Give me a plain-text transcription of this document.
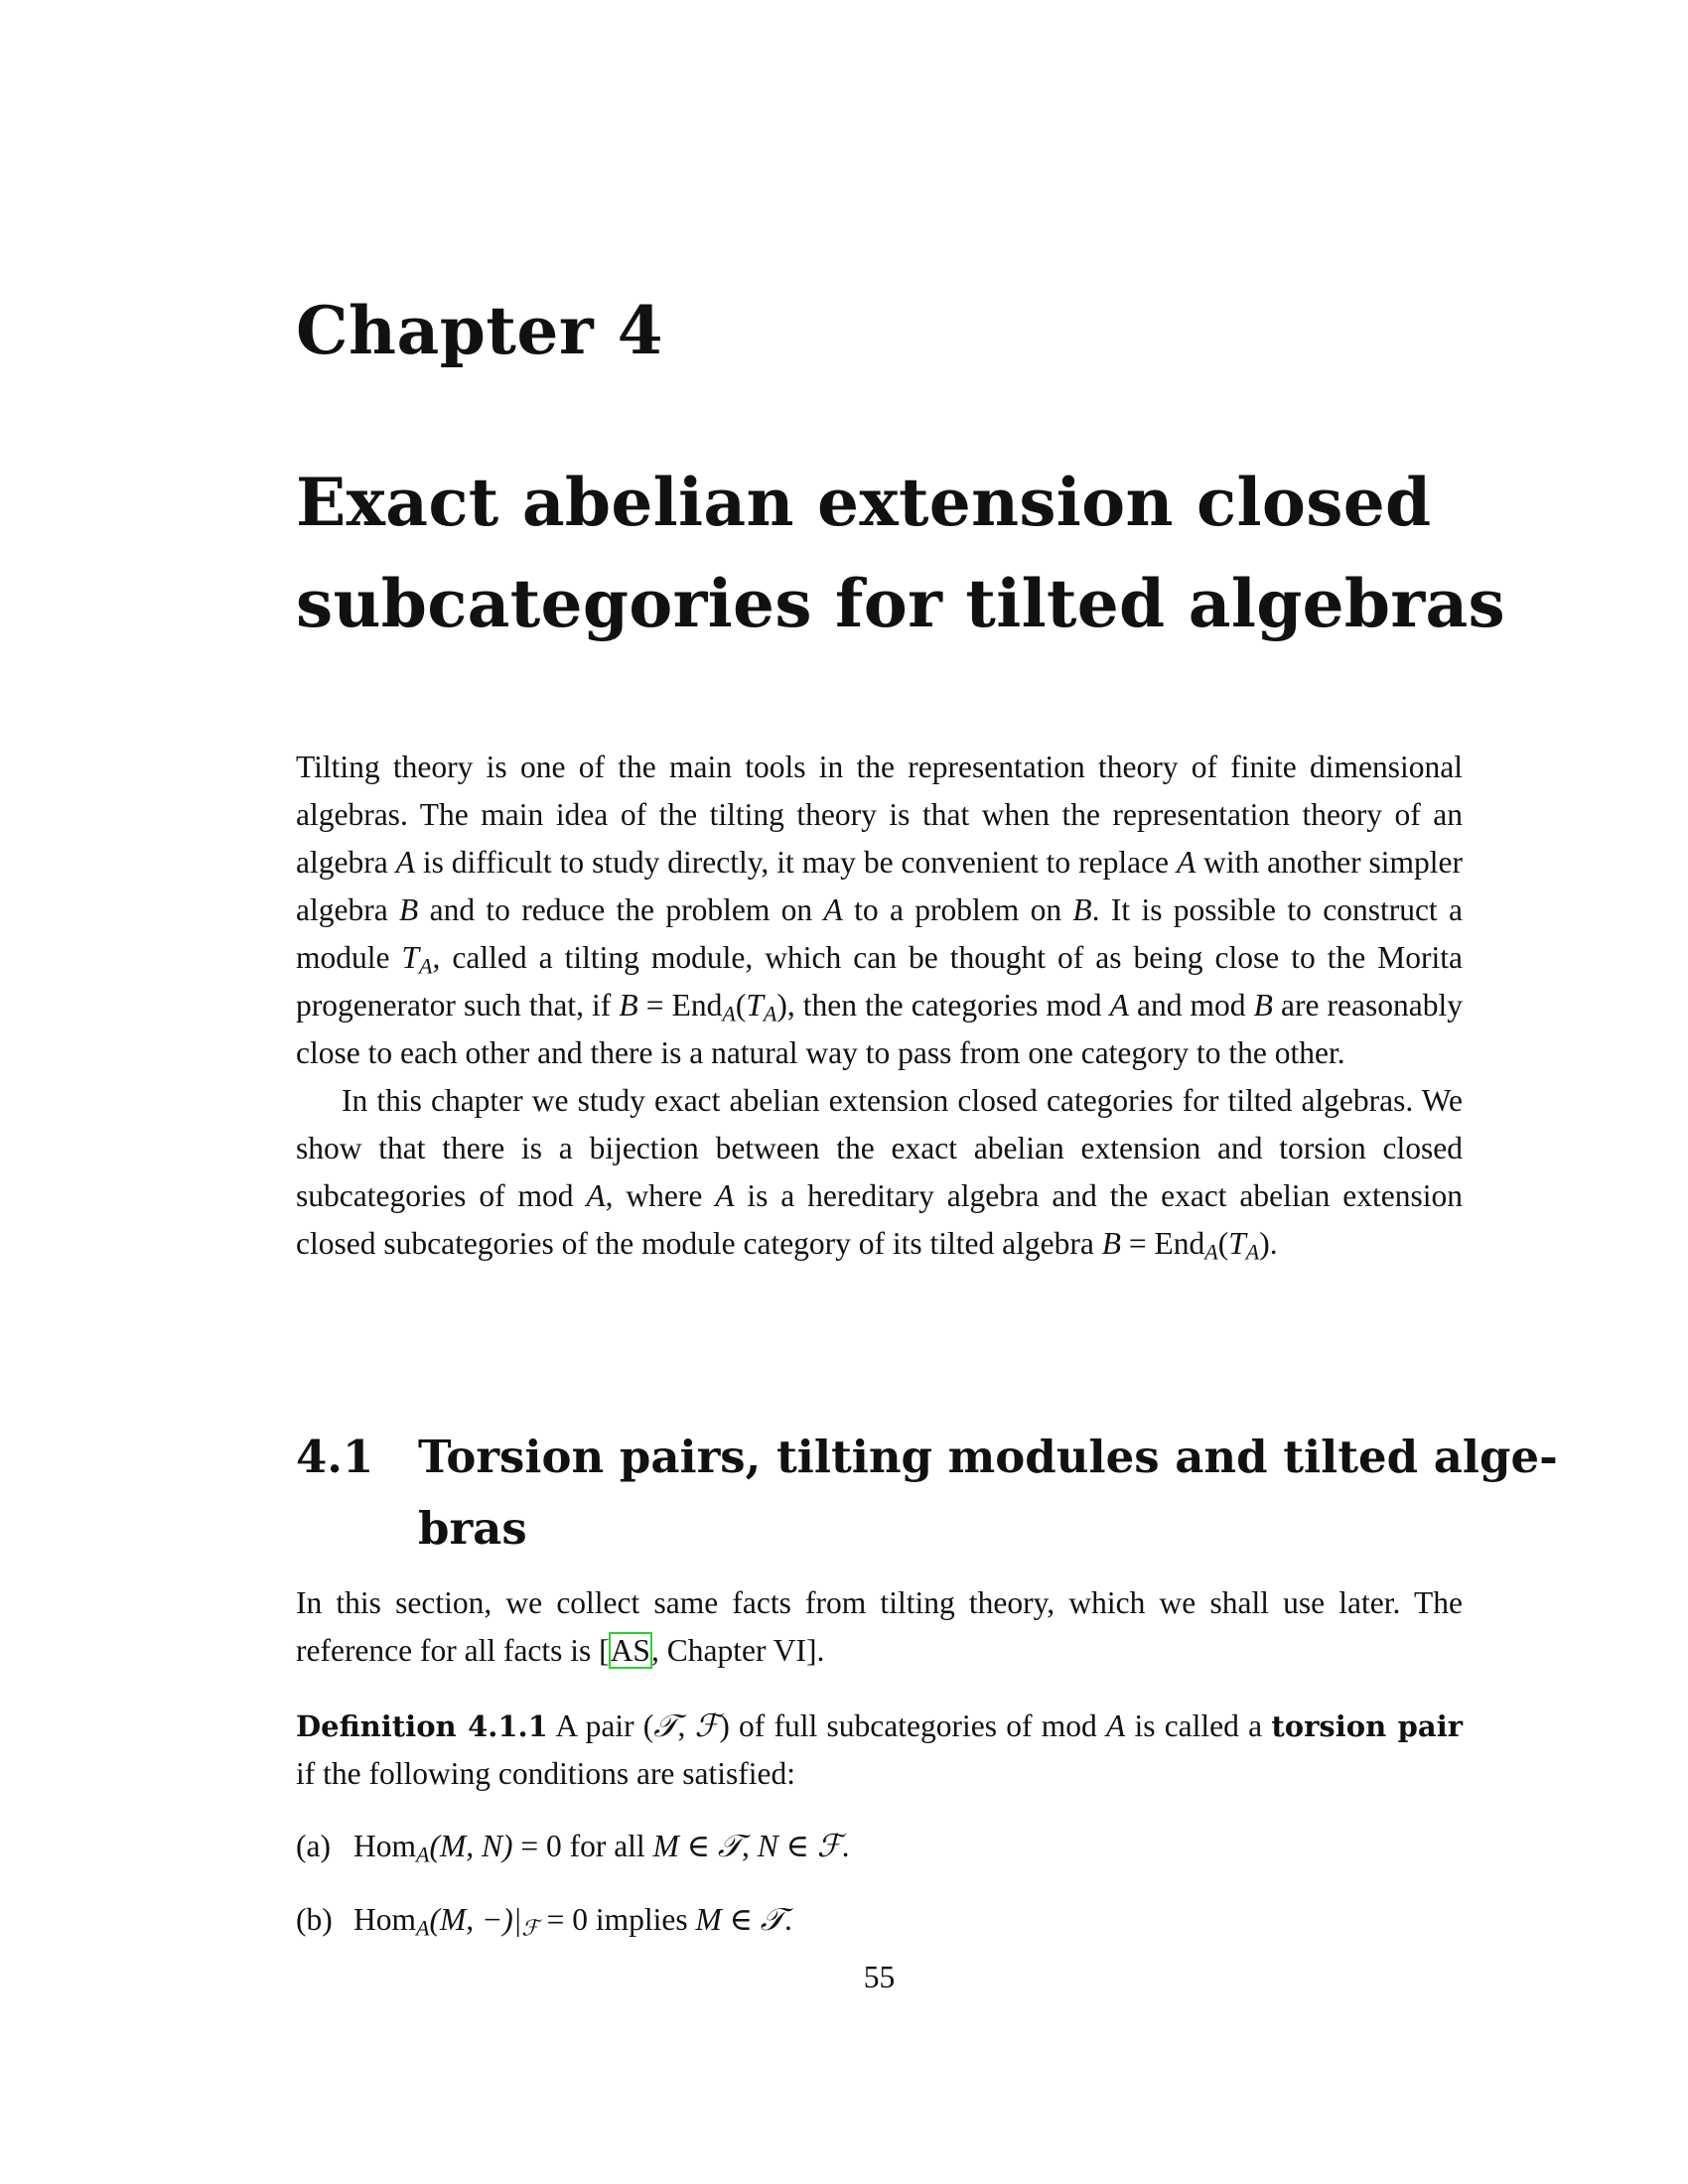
Chapter 4
Exact abelian extension closed
subcategories for tilted algebras

Tilting theory is one of the main tools in the representation theory of finite dimensional algebras. The main idea of the tilting theory is that when the representation theory of an algebra A is difficult to study directly, it may be convenient to replace A with another simpler algebra B and to reduce the problem on A to a problem on B. It is possible to construct a module $T_A$, called a tilting module, which can be thought of as being close to the Morita progenerator such that, if $B = End_A(T_A)$, then the categories mod A and mod B are reasonably close to each other and there is a natural way to pass from one category to the other.

In this chapter we study exact abelian extension closed categories for tilted algebras. We show that there is a bijection between the exact abelian extension and torsion closed subcategories of mod A, where A is a hereditary algebra and the exact abelian extension closed subcategories of the module category of its tilted algebra $B = End_A(T_A)$.

4.1 Torsion pairs, tilting modules and tilted alge-
bras

In this section, we collect same facts from tilting theory, which we shall use later. The reference for all facts is [AS, Chapter VI].

Definition 4.1.1 A pair (𝒯, ℱ) of full subcategories of mod A is called a torsion pair if the following conditions are satisfied:

(a) Hom$_A$(M, N) = 0 for all M ∈ 𝒯, N ∈ ℱ.
(b) Hom$_A$(M, $-)|_ℱ = 0$ implies M ∈ 𝒯.
55
